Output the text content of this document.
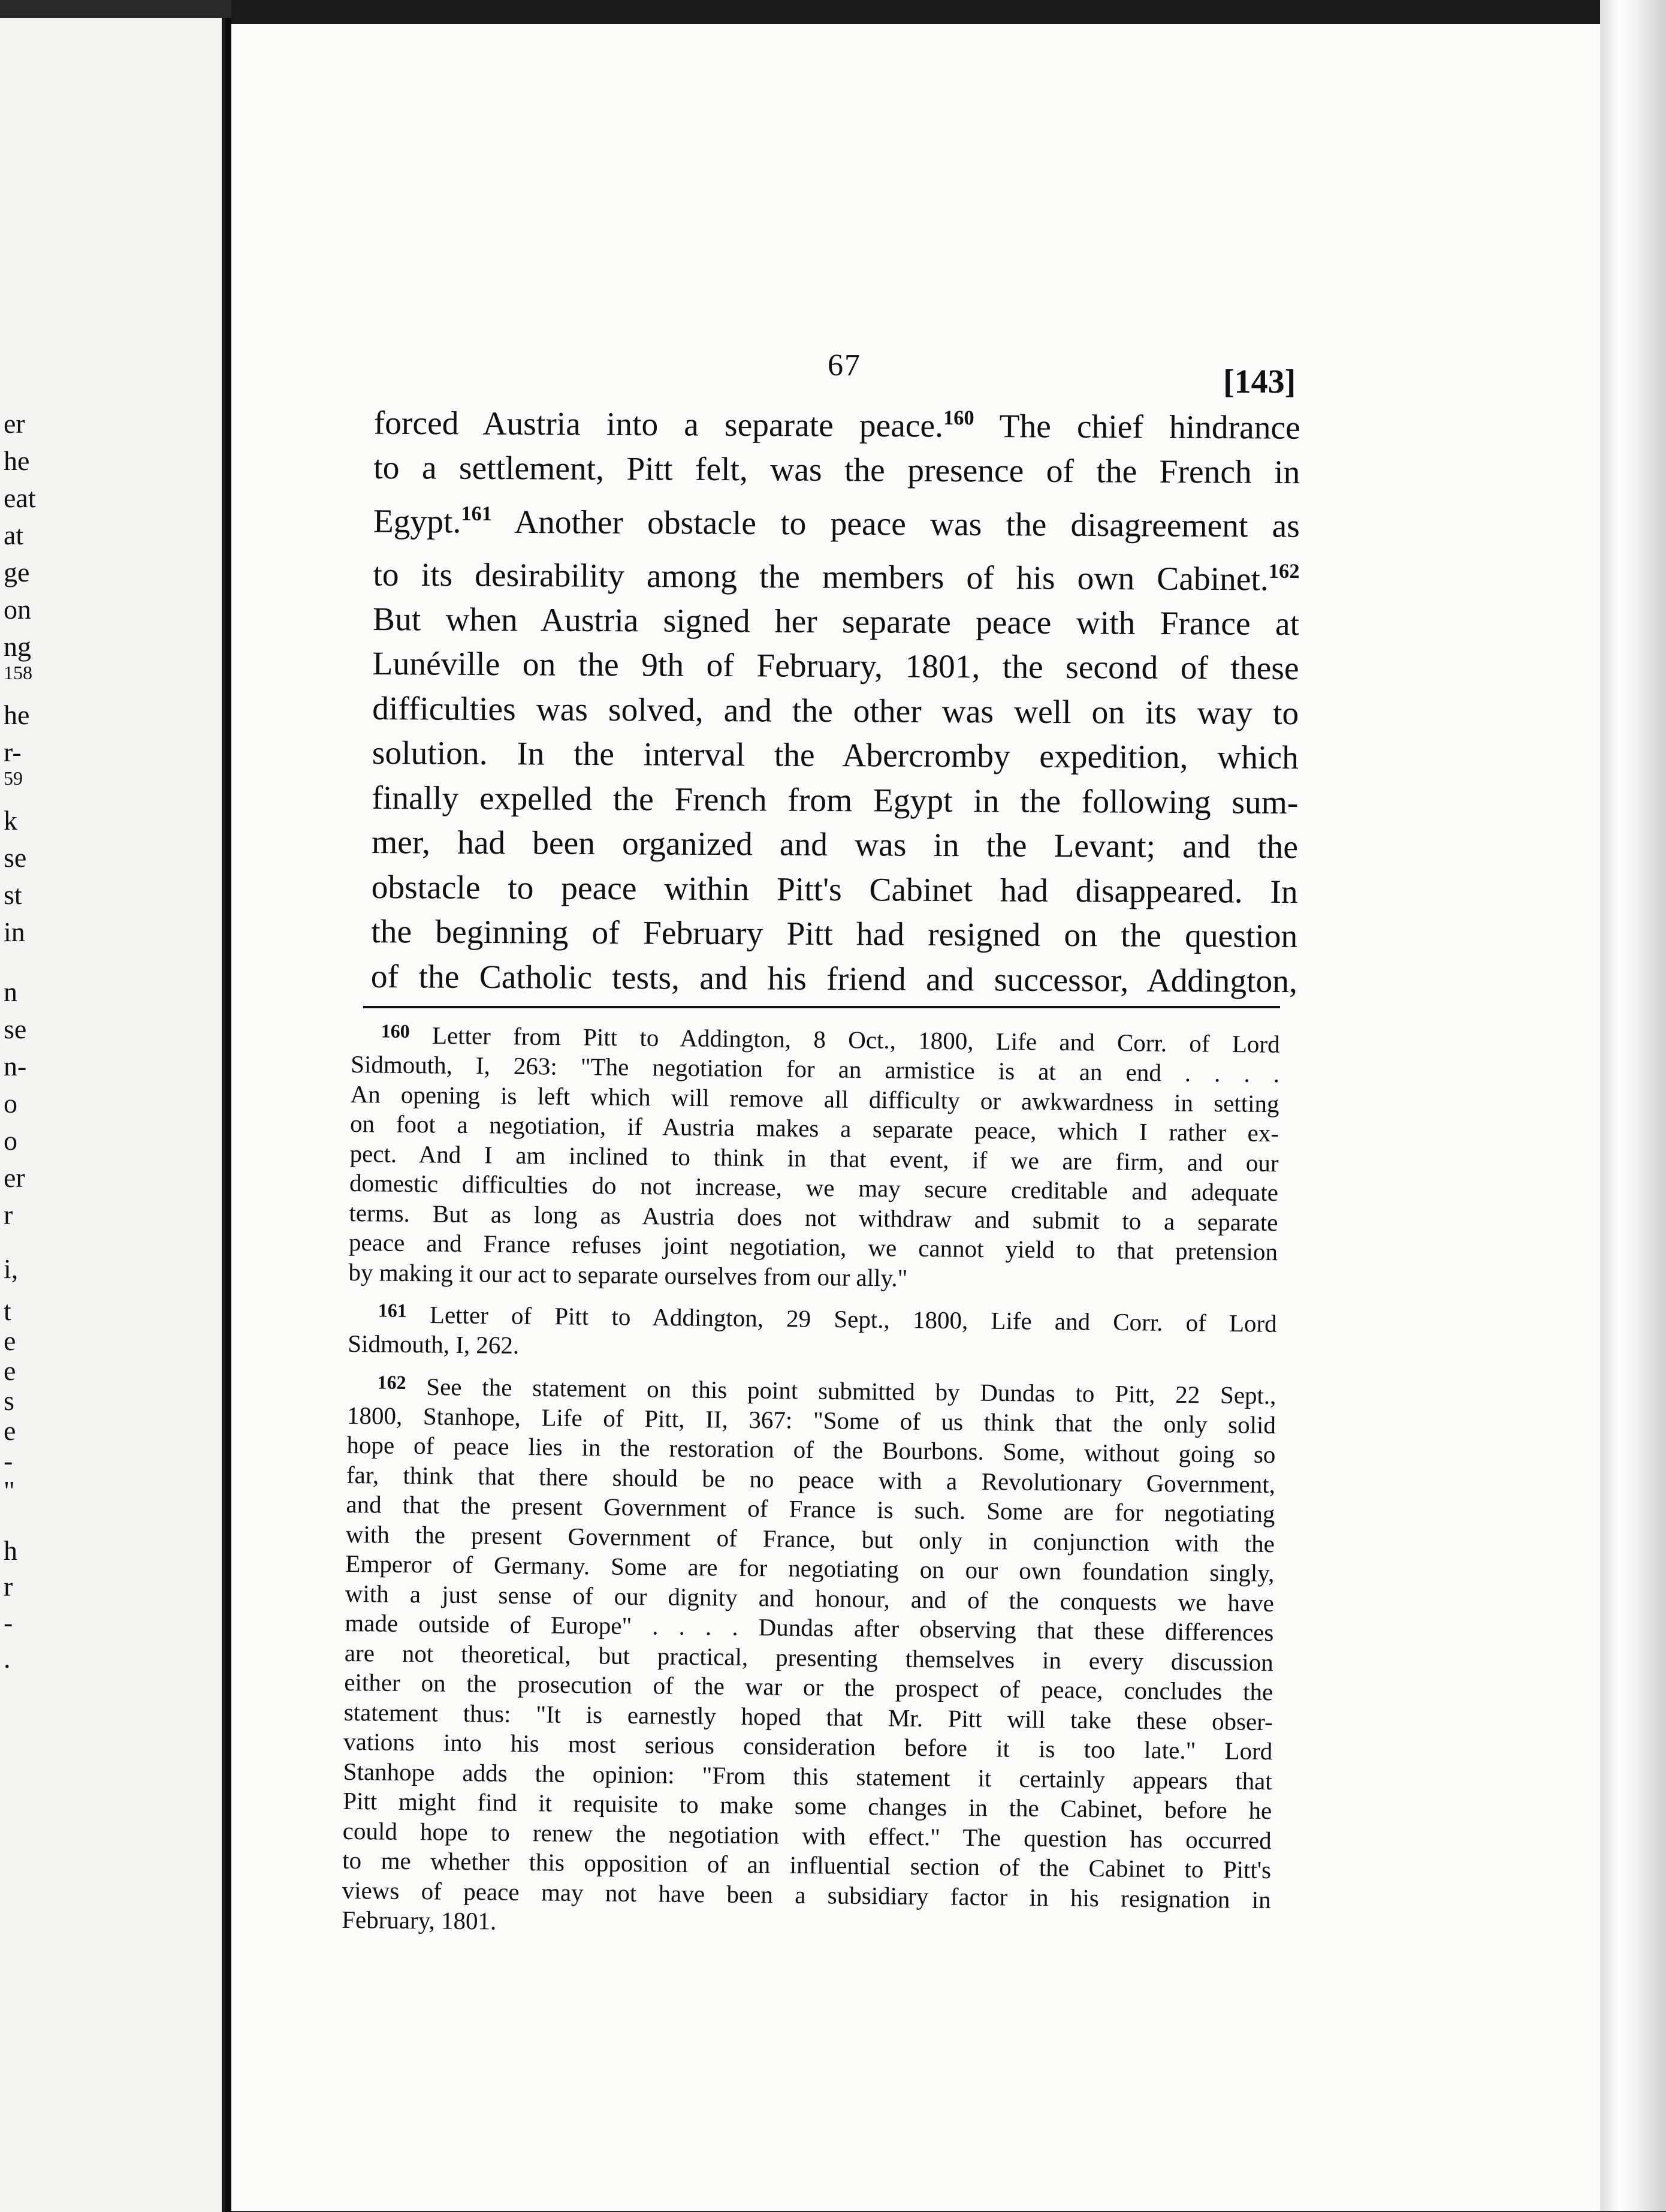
er
he
eat
at
ge
on
ng
158
he
r-
59
k
se
st
in
n
se
n-
o
o
er
r
i,
t
e
e
s
e
-
"
h
r
-
.
67	[143]
forced Austria into a separate peace.$^{160}$ The chief hindrance
to a settlement, Pitt felt, was the presence of the French in
Egypt.$^{161}$ Another obstacle to peace was the disagreement as
to its desirability among the members of his own Cabinet.$^{162}$
But when Austria signed her separate peace with France at
Lunéville on the 9th of February, 1801, the second of these
difficulties was solved, and the other was well on its way to
solution. In the interval the Abercromby expedition, which
finally expelled the French from Egypt in the following sum-
mer, had been organized and was in the Levant; and the
obstacle to peace within Pitt's Cabinet had disappeared. In
the beginning of February Pitt had resigned on the question
of the Catholic tests, and his friend and successor, Addington,
$^{160}$ Letter from Pitt to Addington, 8 Oct., 1800, Life and Corr. of Lord
Sidmouth, I, 263: "The negotiation for an armistice is at an end . . . .
An opening is left which will remove all difficulty or awkwardness in setting
on foot a negotiation, if Austria makes a separate peace, which I rather ex-
pect. And I am inclined to think in that event, if we are firm, and our
domestic difficulties do not increase, we may secure creditable and adequate
terms. But as long as Austria does not withdraw and submit to a separate
peace and France refuses joint negotiation, we cannot yield to that pretension
by making it our act to separate ourselves from our ally."
$^{161}$ Letter of Pitt to Addington, 29 Sept., 1800, Life and Corr. of Lord
Sidmouth, I, 262.
$^{162}$ See the statement on this point submitted by Dundas to Pitt, 22 Sept.,
1800, Stanhope, Life of Pitt, II, 367: "Some of us think that the only solid
hope of peace lies in the restoration of the Bourbons. Some, without going so
far, think that there should be no peace with a Revolutionary Government,
and that the present Government of France is such. Some are for negotiating
with the present Government of France, but only in conjunction with the
Emperor of Germany. Some are for negotiating on our own foundation singly,
with a just sense of our dignity and honour, and of the conquests we have
made outside of Europe" . . . . Dundas after observing that these differences
are not theoretical, but practical, presenting themselves in every discussion
either on the prosecution of the war or the prospect of peace, concludes the
statement thus: "It is earnestly hoped that Mr. Pitt will take these obser-
vations into his most serious consideration before it is too late." Lord
Stanhope adds the opinion: "From this statement it certainly appears that
Pitt might find it requisite to make some changes in the Cabinet, before he
could hope to renew the negotiation with effect." The question has occurred
to me whether this opposition of an influential section of the Cabinet to Pitt's
views of peace may not have been a subsidiary factor in his resignation in
February, 1801.
